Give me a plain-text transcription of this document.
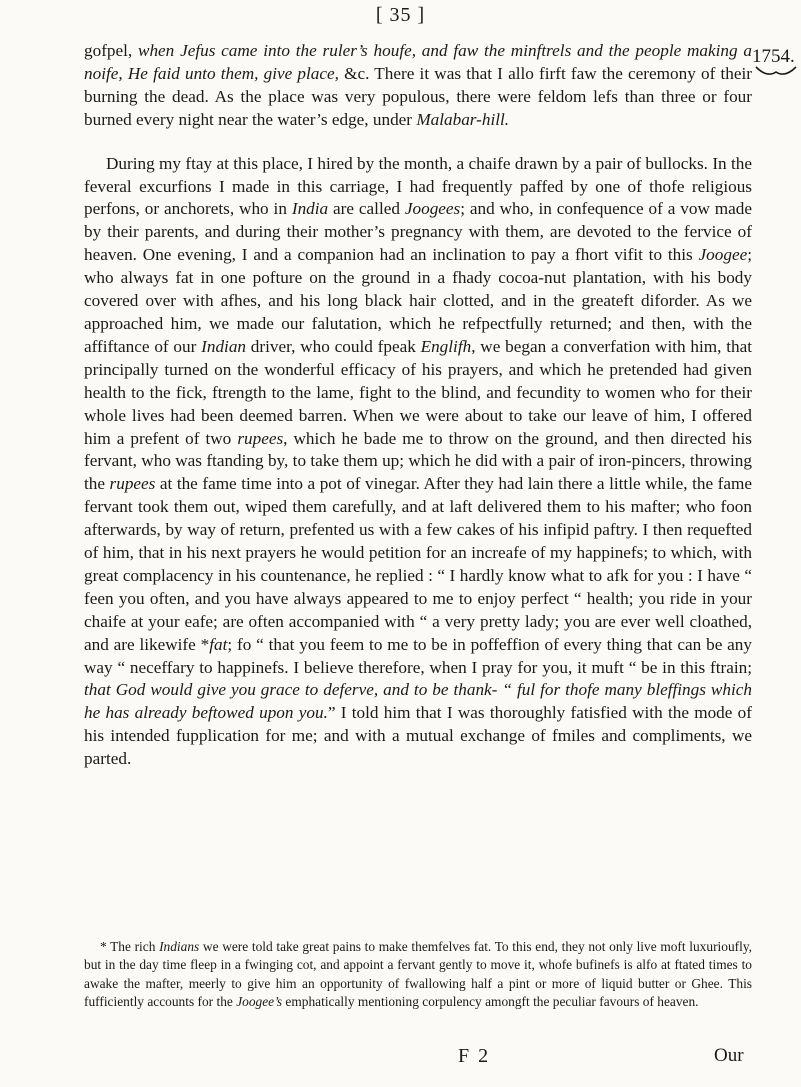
[ 35 ]
1754.

gofpel, when Jefus came into the ruler’s houfe, and faw the minftrels and the people making a noife, He faid unto them, give place, &c. There it was that I allo firft faw the ceremony of their burning the dead. As the place was very populous, there were feldom lefs than three or four burned every night near the water’s edge, under Malabar-hill.

During my ftay at this place, I hired by the month, a chaife drawn by a pair of bullocks. In the feveral excurfions I made in this carriage, I had frequently paffed by one of thofe religious perfons, or anchorets, who in India are called Joogees; and who, in confequence of a vow made by their parents, and during their mother’s pregnancy with them, are devoted to the fervice of heaven. One evening, I and a companion had an inclination to pay a fhort vifit to this Joogee; who always fat in one pofture on the ground in a fhady cocoa-nut plantation, with his body covered over with afhes, and his long black hair clotted, and in the greateft diforder. As we approached him, we made our falutation, which he refpectfully returned; and then, with the affiftance of our Indian driver, who could fpeak Englifh, we began a converfation with him, that principally turned on the wonderful efficacy of his prayers, and which he pretended had given health to the fick, ftrength to the lame, fight to the blind, and fecundity to women who for their whole lives had been deemed barren. When we were about to take our leave of him, I offered him a prefent of two rupees, which he bade me to throw on the ground, and then directed his fervant, who was ftanding by, to take them up; which he did with a pair of iron-pincers, throwing the rupees at the fame time into a pot of vinegar. After they had lain there a little while, the fame fervant took them out, wiped them carefully, and at laft delivered them to his mafter; who foon afterwards, by way of return, prefented us with a few cakes of his infipid paftry. I then requefted of him, that in his next prayers he would petition for an increafe of my happinefs; to which, with great complacency in his countenance, he replied : “ I hardly know what to afk for you : I have “ feen you often, and you have always appeared to me to enjoy perfect “ health; you ride in your chaife at your eafe; are often accompanied with “ a very pretty lady; you are ever well cloathed, and are likewife *fat; fo “ that you feem to me to be in poffeffion of every thing that can be any way “ neceffary to happinefs. I believe therefore, when I pray for you, it muft “ be in this ftrain; that God would give you grace to deferve, and to be thank- “ ful for thofe many bleffings which he has already beftowed upon you.” I told him that I was thoroughly fatisfied with the mode of his intended fupplication for me; and with a mutual exchange of fmiles and compliments, we parted.

* The rich Indians we were told take great pains to make themfelves fat. To this end, they not only live moft luxurioufly, but in the day time fleep in a fwinging cot, and appoint a fervant gently to move it, whofe bufinefs is alfo at ftated times to awake the mafter, meerly to give him an opportunity of fwallowing half a pint or more of liquid butter or Ghee. This fufficiently accounts for the Joogee’s emphatically mentioning corpulency amongft the peculiar favours of heaven.

F 2	Our
